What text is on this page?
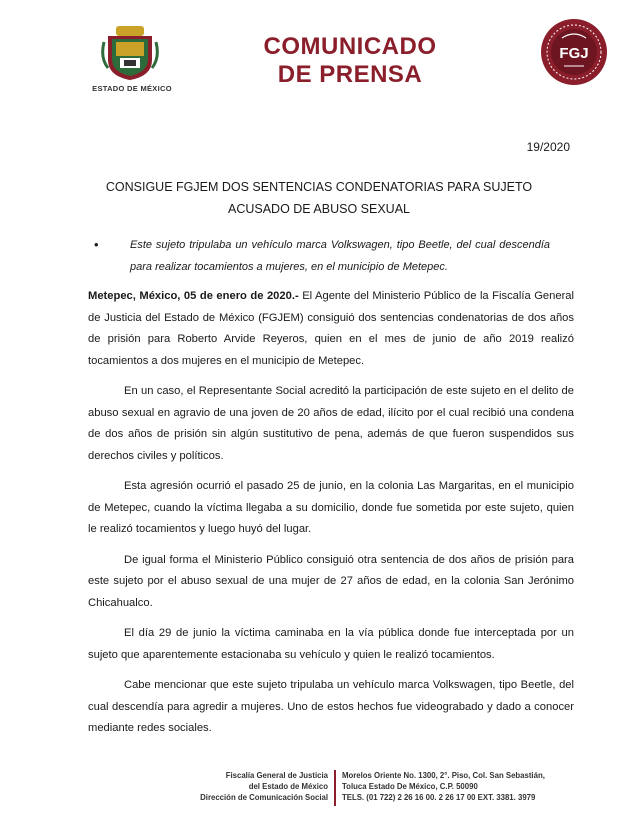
ESTADO DE MÉXICO
COMUNICADO
DE PRENSA
FGJ
19/2020
CONSIGUE FGJEM DOS SENTENCIAS CONDENATORIAS PARA SUJETO ACUSADO DE ABUSO SEXUAL
•	Este sujeto tripulaba un vehículo marca Volkswagen, tipo Beetle, del cual descendía para realizar tocamientos a mujeres, en el municipio de Metepec.

Metepec, México, 05 de enero de 2020.- El Agente del Ministerio Público de la Fiscalía General de Justicia del Estado de México (FGJEM) consiguió dos sentencias condenatorias de dos años de prisión para Roberto Arvide Reyeros, quien en el mes de junio de año 2019 realizó tocamientos a dos mujeres en el municipio de Metepec.

En un caso, el Representante Social acreditó la participación de este sujeto en el delito de abuso sexual en agravio de una joven de 20 años de edad, ilícito por el cual recibió una condena de dos años de prisión sin algún sustitutivo de pena, además de que fueron suspendidos sus derechos civiles y políticos.

Esta agresión ocurrió el pasado 25 de junio, en la colonia Las Margaritas, en el municipio de Metepec, cuando la víctima llegaba a su domicilio, donde fue sometida por este sujeto, quien le realizó tocamientos y luego huyó del lugar.

De igual forma el Ministerio Público consiguió otra sentencia de dos años de prisión para este sujeto por el abuso sexual de una mujer de 27 años de edad, en la colonia San Jerónimo Chicahualco.

El día 29 de junio la víctima caminaba en la vía pública donde fue interceptada por un sujeto que aparentemente estacionaba su vehículo y quien le realizó tocamientos.

Cabe mencionar que este sujeto tripulaba un vehículo marca Volkswagen, tipo Beetle, del cual descendía para agredir a mujeres. Uno de estos hechos fue videograbado y dado a conocer mediante redes sociales.

Fiscalía General de Justicia
del Estado de México
Dirección de Comunicación Social
Morelos Oriente No. 1300, 2°. Piso, Col. San Sebastián,
Toluca Estado De México, C.P. 50090
TELS. (01 722) 2 26 16 00. 2 26 17 00 EXT. 3381. 3979
